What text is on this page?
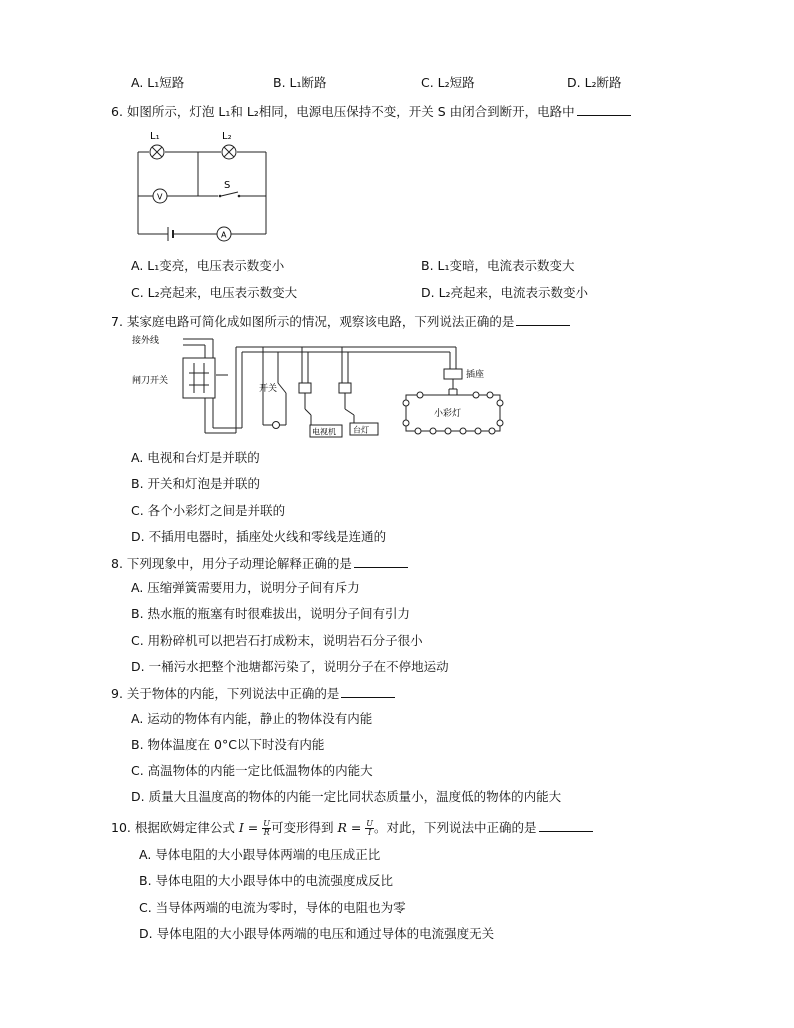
A. L₁短路	B. L₁断路	C. L₂短路	D. L₂断路
6. 如图所示，灯泡 L₁和 L₂相同，电源电压保持不变，开关 S 由闭合到断开，电路中
L₁	L₂
S
V
A
A. L₁变亮，电压表示数变小	B. L₁变暗，电流表示数变大
C. L₂亮起来，电压表示数变大	D. L₂亮起来，电流表示数变小
7. 某家庭电路可简化成如图所示的情况，观察该电路，下列说法正确的是
接外线
闸刀开关
开关
电视机 台灯
插座
小彩灯
A. 电视和台灯是并联的
B. 开关和灯泡是并联的
C. 各个小彩灯之间是并联的
D. 不插用电器时，插座处火线和零线是连通的
8. 下列现象中，用分子动理论解释正确的是
A. 压缩弹簧需要用力，说明分子间有斥力
B. 热水瓶的瓶塞有时很难拔出，说明分子间有引力
C. 用粉碎机可以把岩石打成粉末，说明岩石分子很小
D. 一桶污水把整个池塘都污染了，说明分子在不停地运动
9. 关于物体的内能，下列说法中正确的是
A. 运动的物体有内能，静止的物体没有内能
B. 物体温度在 0°C以下时没有内能
C. 高温物体的内能一定比低温物体的内能大
D. 质量大且温度高的物体的内能一定比同状态质量小，温度低的物体的内能大
10. 根据欧姆定律公式 $I = \frac{U}{R}$ 可变形得到 $R = \frac{U}{I}$ 。对此，下列说法中正确的是
A. 导体电阻的大小跟导体两端的电压成正比
B. 导体电阻的大小跟导体中的电流强度成反比
C. 当导体两端的电流为零时，导体的电阻也为零
D. 导体电阻的大小跟导体两端的电压和通过导体的电流强度无关
